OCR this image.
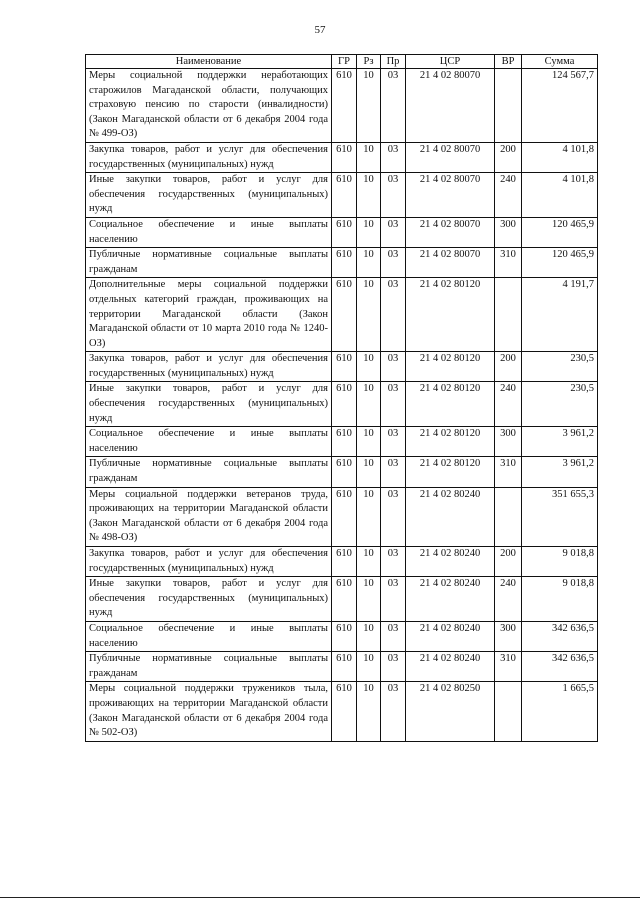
57
Наименование	ГР	Рз	Пр	ЦСР	ВР	Сумма
Меры социальной поддержки неработающих старожилов Магаданской области, получающих страховую пенсию по старости (инвалидности) (Закон Магаданской области от 6 декабря 2004 года № 499-ОЗ)	610	10	03	21 4 02 80070		124 567,7
Закупка товаров, работ и услуг для обеспечения государственных (муниципальных) нужд	610	10	03	21 4 02 80070	200	4 101,8
Иные закупки товаров, работ и услуг для обеспечения государственных (муниципальных) нужд	610	10	03	21 4 02 80070	240	4 101,8
Социальное обеспечение и иные выплаты населению	610	10	03	21 4 02 80070	300	120 465,9
Публичные нормативные социальные выплаты гражданам	610	10	03	21 4 02 80070	310	120 465,9
Дополнительные меры социальной поддержки отдельных категорий граждан, проживающих на территории Магаданской области (Закон Магаданской области от 10 марта 2010 года № 1240-ОЗ)	610	10	03	21 4 02 80120		4 191,7
Закупка товаров, работ и услуг для обеспечения государственных (муниципальных) нужд	610	10	03	21 4 02 80120	200	230,5
Иные закупки товаров, работ и услуг для обеспечения государственных (муниципальных) нужд	610	10	03	21 4 02 80120	240	230,5
Социальное обеспечение и иные выплаты населению	610	10	03	21 4 02 80120	300	3 961,2
Публичные нормативные социальные выплаты гражданам	610	10	03	21 4 02 80120	310	3 961,2
Меры социальной поддержки ветеранов труда, проживающих на территории Магаданской области (Закон Магаданской области от 6 декабря 2004 года № 498-ОЗ)	610	10	03	21 4 02 80240		351 655,3
Закупка товаров, работ и услуг для обеспечения государственных (муниципальных) нужд	610	10	03	21 4 02 80240	200	9 018,8
Иные закупки товаров, работ и услуг для обеспечения государственных (муниципальных) нужд	610	10	03	21 4 02 80240	240	9 018,8
Социальное обеспечение и иные выплаты населению	610	10	03	21 4 02 80240	300	342 636,5
Публичные нормативные социальные выплаты гражданам	610	10	03	21 4 02 80240	310	342 636,5
Меры социальной поддержки тружеников тыла, проживающих на территории Магаданской области (Закон Магаданской области от 6 декабря 2004 года № 502-ОЗ)	610	10	03	21 4 02 80250		1 665,5
